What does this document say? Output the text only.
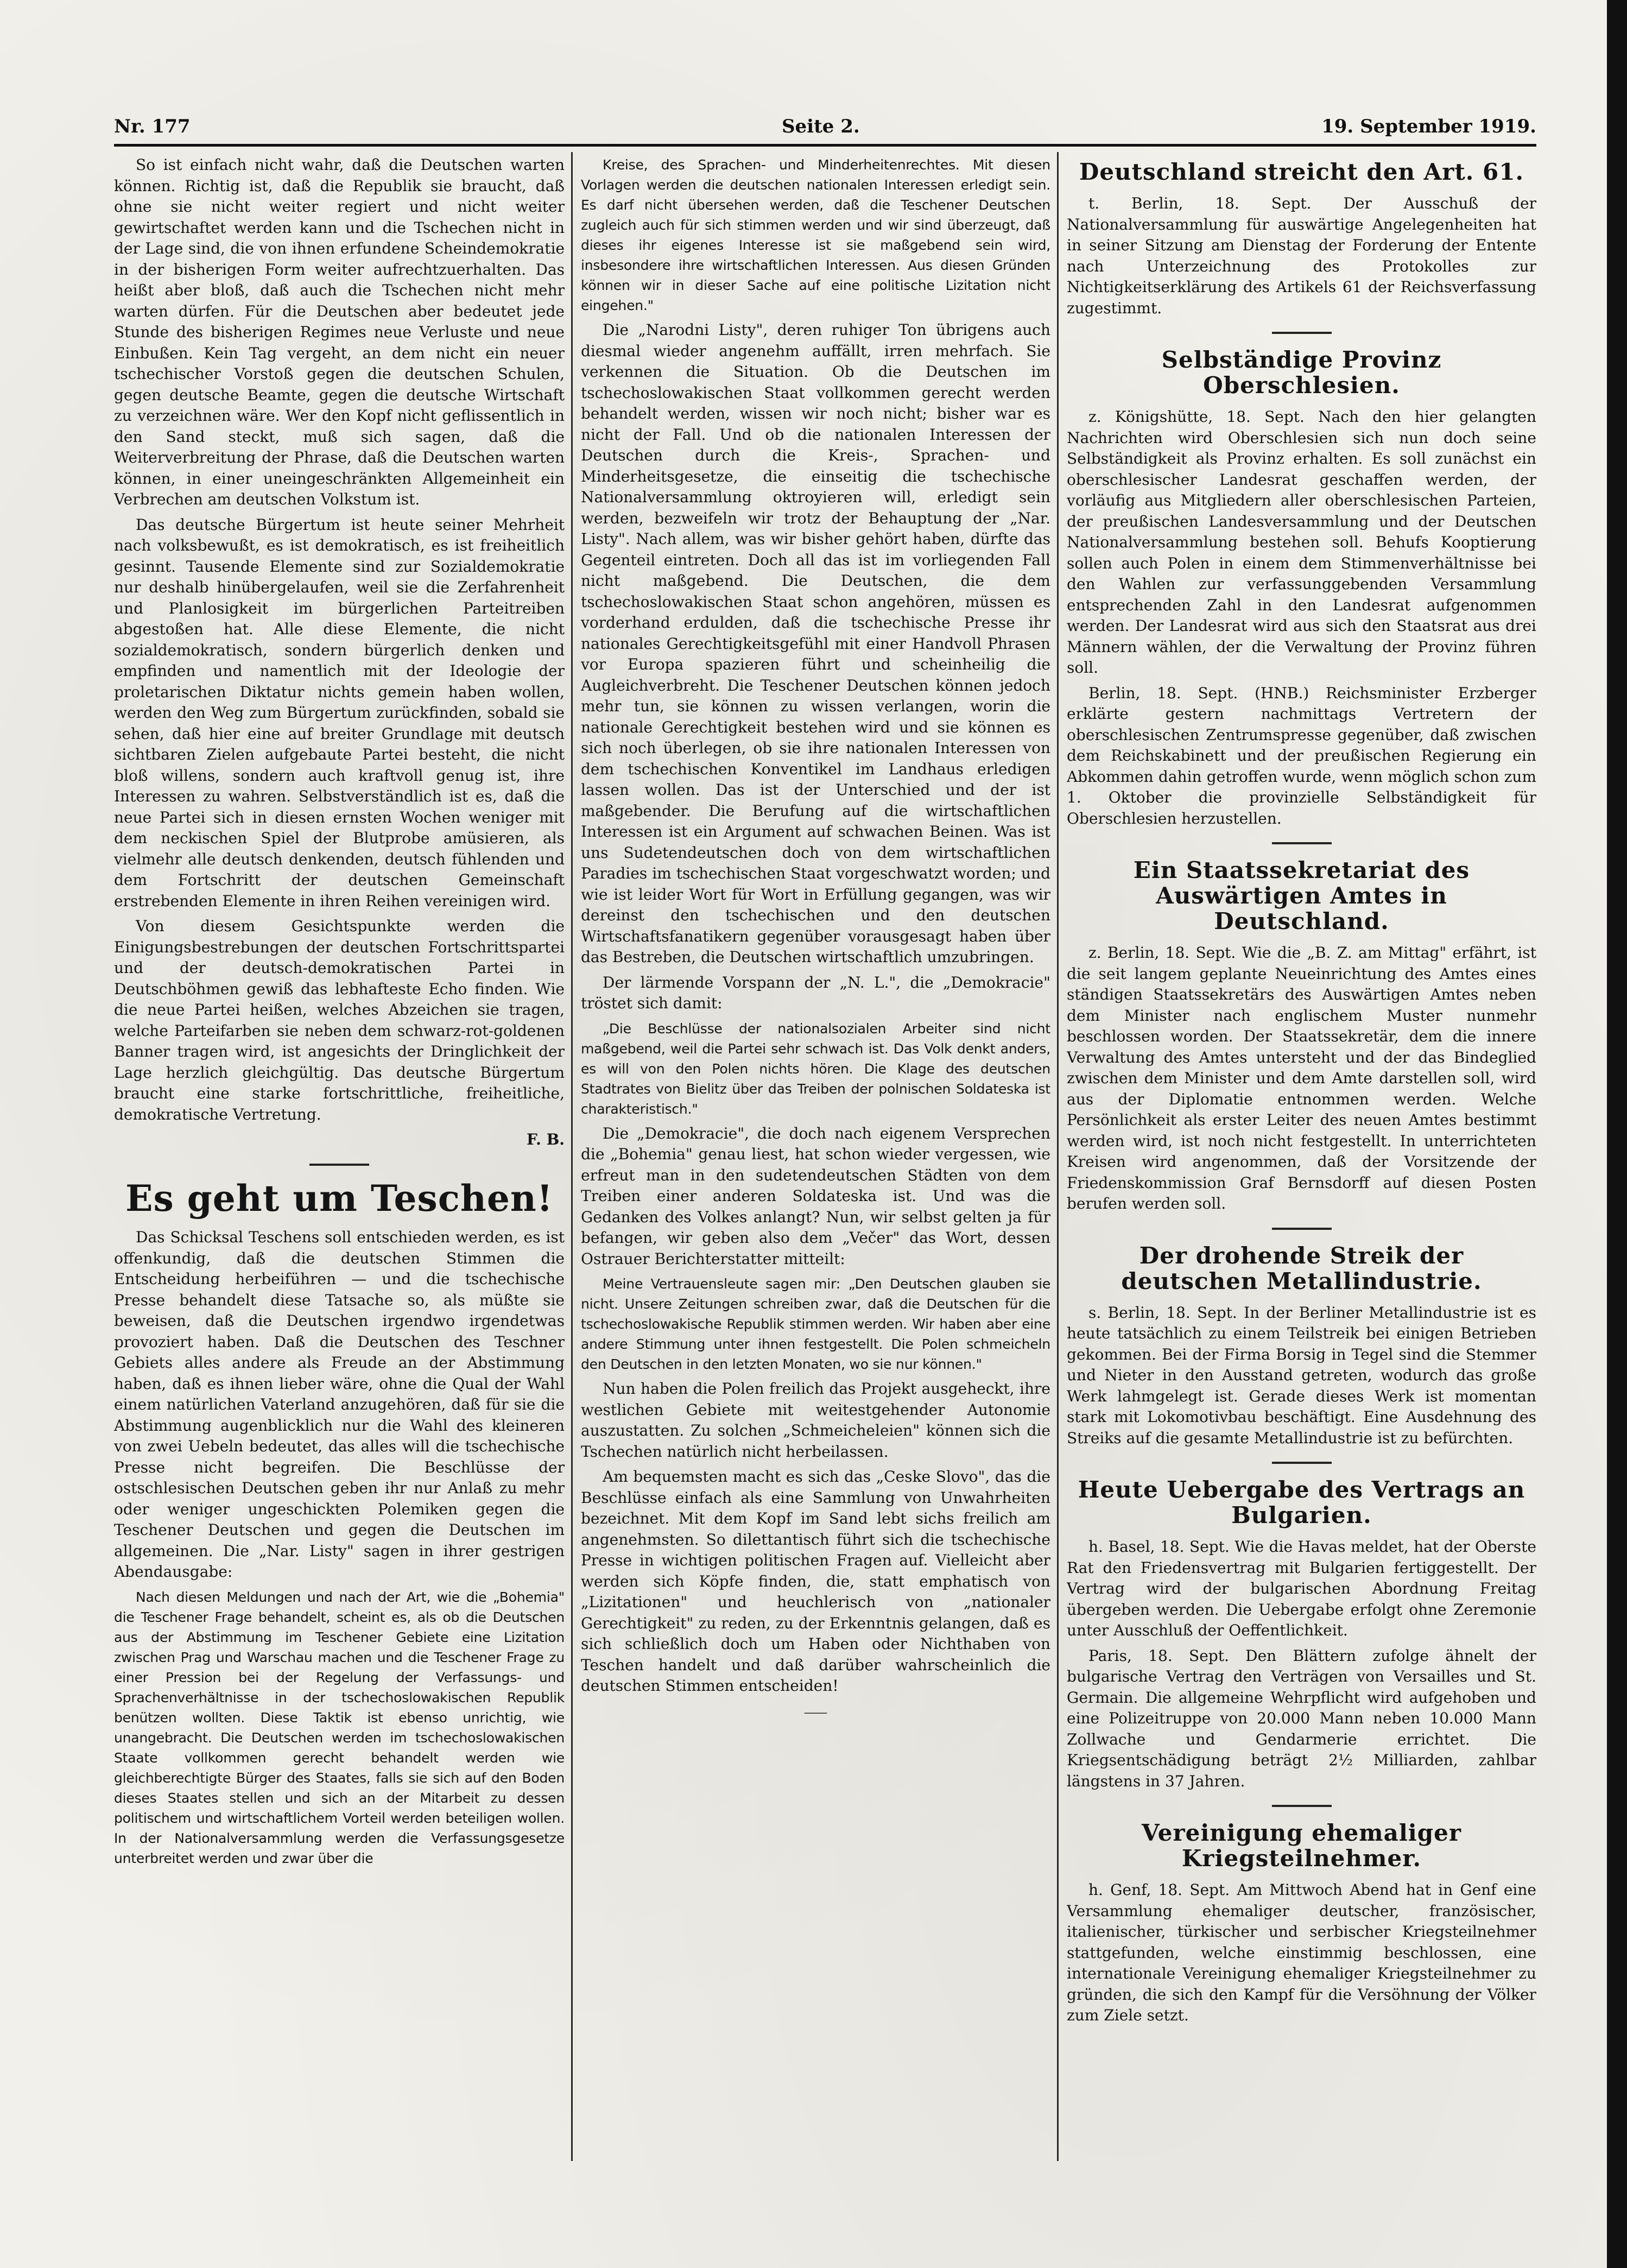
Nr. 177	Seite 2.	19. September 1919.

So ist einfach nicht wahr, daß die Deutschen warten können. Richtig ist, daß die Republik sie braucht, daß ohne sie nicht weiter regiert und nicht weiter gewirtschaftet werden kann und die Tschechen nicht in der Lage sind, die von ihnen erfundene Scheindemokratie in der bisherigen Form weiter aufrechtzuerhalten. Das heißt aber bloß, daß auch die Tschechen nicht mehr warten dürfen. Für die Deutschen aber bedeutet jede Stunde des bisherigen Regimes neue Verluste und neue Einbußen. Kein Tag vergeht, an dem nicht ein neuer tschechischer Vorstoß gegen die deutschen Schulen, gegen deutsche Beamte, gegen die deutsche Wirtschaft zu verzeichnen wäre. Wer den Kopf nicht geflissentlich in den Sand steckt, muß sich sagen, daß die Weiterverbreitung der Phrase, daß die Deutschen warten können, in einer uneingeschränkten Allgemeinheit ein Verbrechen am deutschen Volkstum ist.

Das deutsche Bürgertum ist heute seiner Mehrheit nach volksbewußt, es ist demokratisch, es ist freiheitlich gesinnt. Tausende Elemente sind zur Sozialdemokratie nur deshalb hinübergelaufen, weil sie die Zerfahrenheit und Planlosigkeit im bürgerlichen Parteitreiben abgestoßen hat. Alle diese Elemente, die nicht sozialdemokratisch, sondern bürgerlich denken und empfinden und namentlich mit der Ideologie der proletarischen Diktatur nichts gemein haben wollen, werden den Weg zum Bürgertum zurückfinden, sobald sie sehen, daß hier eine auf breiter Grundlage mit deutsch sichtbaren Zielen aufgebaute Partei besteht, die nicht bloß willens, sondern auch kraftvoll genug ist, ihre Interessen zu wahren. Selbstverständlich ist es, daß die neue Partei sich in diesen ernsten Wochen weniger mit dem neckischen Spiel der Blutprobe amüsieren, als vielmehr alle deutsch denkenden, deutsch fühlenden und dem Fortschritt der deutschen Gemeinschaft erstrebenden Elemente in ihren Reihen vereinigen wird.

Von diesem Gesichtspunkte werden die Einigungsbestrebungen der deutschen Fortschrittspartei und der deutsch-demokratischen Partei in Deutschböhmen gewiß das lebhafteste Echo finden. Wie die neue Partei heißen, welches Abzeichen sie tragen, welche Parteifarben sie neben dem schwarz-rot-goldenen Banner tragen wird, ist angesichts der Dringlichkeit der Lage herzlich gleichgültig. Das deutsche Bürgertum braucht eine starke fortschrittliche, freiheitliche, demokratische Vertretung.

F. B.

Es geht um Teschen!

Das Schicksal Teschens soll entschieden werden, es ist offenkundig, daß die deutschen Stimmen die Entscheidung herbeiführen — und die tschechische Presse behandelt diese Tatsache so, als müßte sie beweisen, daß die Deutschen irgendwo irgendetwas provoziert haben. Daß die Deutschen des Teschner Gebiets alles andere als Freude an der Abstimmung haben, daß es ihnen lieber wäre, ohne die Qual der Wahl einem natürlichen Vaterland anzugehören, daß für sie die Abstimmung augenblicklich nur die Wahl des kleineren von zwei Uebeln bedeutet, das alles will die tschechische Presse nicht begreifen. Die Beschlüsse der ostschlesischen Deutschen geben ihr nur Anlaß zu mehr oder weniger ungeschickten Polemiken gegen die Teschener Deutschen und gegen die Deutschen im allgemeinen. Die „Nar. Listy" sagen in ihrer gestrigen Abendausgabe:

Nach diesen Meldungen und nach der Art, wie die „Bohemia" die Teschener Frage behandelt, scheint es, als ob die Deutschen aus der Abstimmung im Teschener Gebiete eine Lizitation zwischen Prag und Warschau machen und die Teschener Frage zu einer Pression bei der Regelung der Verfassungs- und Sprachenverhältnisse in der tschechoslowakischen Republik benützen wollten. Diese Taktik ist ebenso unrichtig, wie unangebracht. Die Deutschen werden im tschechoslowakischen Staate vollkommen gerecht behandelt werden wie gleichberechtigte Bürger des Staates, falls sie sich auf den Boden dieses Staates stellen und sich an der Mitarbeit zu dessen politischem und wirtschaftlichem Vorteil werden beteiligen wollen. In der Nationalversammlung werden die Verfassungsgesetze unterbreitet werden und zwar über die

Kreise, des Sprachen- und Minderheitenrechtes. Mit diesen Vorlagen werden die deutschen nationalen Interessen erledigt sein. Es darf nicht übersehen werden, daß die Teschener Deutschen zugleich auch für sich stimmen werden und wir sind überzeugt, daß dieses ihr eigenes Interesse ist sie maßgebend sein wird, insbesondere ihre wirtschaftlichen Interessen. Aus diesen Gründen können wir in dieser Sache auf eine politische Lizitation nicht eingehen."

Die „Narodni Listy", deren ruhiger Ton übrigens auch diesmal wieder angenehm auffällt, irren mehrfach. Sie verkennen die Situation. Ob die Deutschen im tschechoslowakischen Staat vollkommen gerecht werden behandelt werden, wissen wir noch nicht; bisher war es nicht der Fall. Und ob die nationalen Interessen der Deutschen durch die Kreis-, Sprachen- und Minderheitsgesetze, die einseitig die tschechische Nationalversammlung oktroyieren will, erledigt sein werden, bezweifeln wir trotz der Behauptung der „Nar. Listy". Nach allem, was wir bisher gehört haben, dürfte das Gegenteil eintreten. Doch all das ist im vorliegenden Fall nicht maßgebend. Die Deutschen, die dem tschechoslowakischen Staat schon angehören, müssen es vorderhand erdulden, daß die tschechische Presse ihr nationales Gerechtigkeitsgefühl mit einer Handvoll Phrasen vor Europa spazieren führt und scheinheilig die Augleichverbreht. Die Teschener Deutschen können jedoch mehr tun, sie können zu wissen verlangen, worin die nationale Gerechtigkeit bestehen wird und sie können es sich noch überlegen, ob sie ihre nationalen Interessen von dem tschechischen Konventikel im Landhaus erledigen lassen wollen. Das ist der Unterschied und der ist maßgebender. Die Berufung auf die wirtschaftlichen Interessen ist ein Argument auf schwachen Beinen. Was ist uns Sudetendeutschen doch von dem wirtschaftlichen Paradies im tschechischen Staat vorgeschwatzt worden; und wie ist leider Wort für Wort in Erfüllung gegangen, was wir dereinst den tschechischen und den deutschen Wirtschaftsfanatikern gegenüber vorausgesagt haben über das Bestreben, die Deutschen wirtschaftlich umzubringen.

Der lärmende Vorspann der „N. L.", die „Demokracie" tröstet sich damit:

„Die Beschlüsse der nationalsozialen Arbeiter sind nicht maßgebend, weil die Partei sehr schwach ist. Das Volk denkt anders, es will von den Polen nichts hören. Die Klage des deutschen Stadtrates von Bielitz über das Treiben der polnischen Soldateska ist charakteristisch."

Die „Demokracie", die doch nach eigenem Versprechen die „Bohemia" genau liest, hat schon wieder vergessen, wie erfreut man in den sudetendeutschen Städten von dem Treiben einer anderen Soldateska ist. Und was die Gedanken des Volkes anlangt? Nun, wir selbst gelten ja für befangen, wir geben also dem „Večer" das Wort, dessen Ostrauer Berichterstatter mitteilt:

Meine Vertrauensleute sagen mir: „Den Deutschen glauben sie nicht. Unsere Zeitungen schreiben zwar, daß die Deutschen für die tschechoslowakische Republik stimmen werden. Wir haben aber eine andere Stimmung unter ihnen festgestellt. Die Polen schmeicheln den Deutschen in den letzten Monaten, wo sie nur können."

Nun haben die Polen freilich das Projekt ausgeheckt, ihre westlichen Gebiete mit weitestgehender Autonomie auszustatten. Zu solchen „Schmeicheleien" können sich die Tschechen natürlich nicht herbeilassen.

Am bequemsten macht es sich das „Ceske Slovo", das die Beschlüsse einfach als eine Sammlung von Unwahrheiten bezeichnet. Mit dem Kopf im Sand lebt sichs freilich am angenehmsten. So dilettantisch führt sich die tschechische Presse in wichtigen politischen Fragen auf. Vielleicht aber werden sich Köpfe finden, die, statt emphatisch von „Lizitationen" und heuchlerisch von „nationaler Gerechtigkeit" zu reden, zu der Erkenntnis gelangen, daß es sich schließlich doch um Haben oder Nichthaben von Teschen handelt und daß darüber wahrscheinlich die deutschen Stimmen entscheiden!

⸺
Deutschland streicht den Art. 61.

t. Berlin, 18. Sept. Der Ausschuß der Nationalversammlung für auswärtige Angelegenheiten hat in seiner Sitzung am Dienstag der Forderung der Entente nach Unterzeichnung des Protokolles zur Nichtigkeitserklärung des Artikels 61 der Reichsverfassung zugestimmt.

Selbständige Provinz Oberschlesien.

z. Königshütte, 18. Sept. Nach den hier gelangten Nachrichten wird Oberschlesien sich nun doch seine Selbständigkeit als Provinz erhalten. Es soll zunächst ein oberschlesischer Landesrat geschaffen werden, der vorläufig aus Mitgliedern aller oberschlesischen Parteien, der preußischen Landesversammlung und der Deutschen Nationalversammlung bestehen soll. Behufs Kooptierung sollen auch Polen in einem dem Stimmenverhältnisse bei den Wahlen zur verfassunggebenden Versammlung entsprechenden Zahl in den Landesrat aufgenommen werden. Der Landesrat wird aus sich den Staatsrat aus drei Männern wählen, der die Verwaltung der Provinz führen soll.

Berlin, 18. Sept. (HNB.) Reichsminister Erzberger erklärte gestern nachmittags Vertretern der oberschlesischen Zentrumspresse gegenüber, daß zwischen dem Reichskabinett und der preußischen Regierung ein Abkommen dahin getroffen wurde, wenn möglich schon zum 1. Oktober die provinzielle Selbständigkeit für Oberschlesien herzustellen.

Ein Staatssekretariat des Auswärtigen Amtes in Deutschland.

z. Berlin, 18. Sept. Wie die „B. Z. am Mittag" erfährt, ist die seit langem geplante Neueinrichtung des Amtes eines ständigen Staatssekretärs des Auswärtigen Amtes neben dem Minister nach englischem Muster nunmehr beschlossen worden. Der Staatssekretär, dem die innere Verwaltung des Amtes untersteht und der das Bindeglied zwischen dem Minister und dem Amte darstellen soll, wird aus der Diplomatie entnommen werden. Welche Persönlichkeit als erster Leiter des neuen Amtes bestimmt werden wird, ist noch nicht festgestellt. In unterrichteten Kreisen wird angenommen, daß der Vorsitzende der Friedenskommission Graf Bernsdorff auf diesen Posten berufen werden soll.

Der drohende Streik der deutschen Metallindustrie.

s. Berlin, 18. Sept. In der Berliner Metallindustrie ist es heute tatsächlich zu einem Teilstreik bei einigen Betrieben gekommen. Bei der Firma Borsig in Tegel sind die Stemmer und Nieter in den Ausstand getreten, wodurch das große Werk lahmgelegt ist. Gerade dieses Werk ist momentan stark mit Lokomotivbau beschäftigt. Eine Ausdehnung des Streiks auf die gesamte Metallindustrie ist zu befürchten.

Heute Uebergabe des Vertrags an Bulgarien.

h. Basel, 18. Sept. Wie die Havas meldet, hat der Oberste Rat den Friedensvertrag mit Bulgarien fertiggestellt. Der Vertrag wird der bulgarischen Abordnung Freitag übergeben werden. Die Uebergabe erfolgt ohne Zeremonie unter Ausschluß der Oeffentlichkeit.

Paris, 18. Sept. Den Blättern zufolge ähnelt der bulgarische Vertrag den Verträgen von Versailles und St. Germain. Die allgemeine Wehrpflicht wird aufgehoben und eine Polizeitruppe von 20.000 Mann neben 10.000 Mann Zollwache und Gendarmerie errichtet. Die Kriegsentschädigung beträgt 2½ Milliarden, zahlbar längstens in 37 Jahren.

Vereinigung ehemaliger Kriegsteilnehmer.

h. Genf, 18. Sept. Am Mittwoch Abend hat in Genf eine Versammlung ehemaliger deutscher, französischer, italienischer, türkischer und serbischer Kriegsteilnehmer stattgefunden, welche einstimmig beschlossen, eine internationale Vereinigung ehemaliger Kriegsteilnehmer zu gründen, die sich den Kampf für die Versöhnung der Völker zum Ziele setzt.
